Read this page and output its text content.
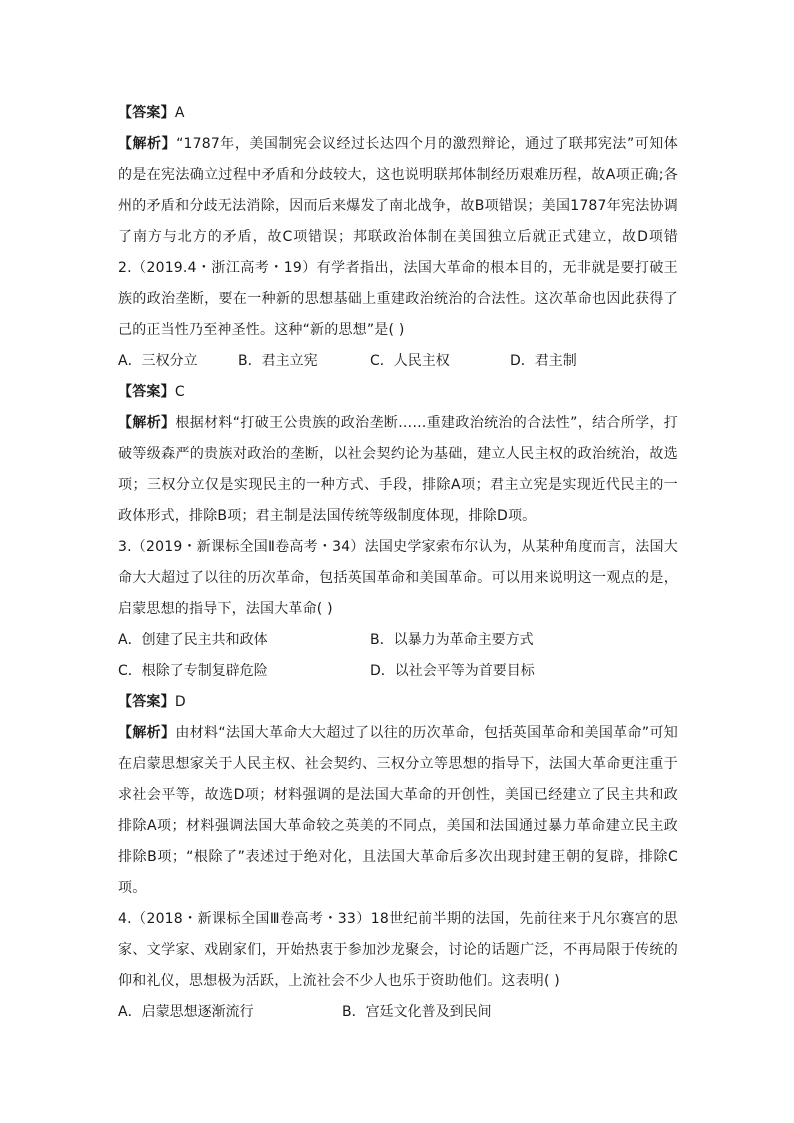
【答案】A
【解析】“1787年，美国制宪会议经过长达四个月的激烈辩论，通过了联邦宪法”可知体
的是在宪法确立过程中矛盾和分歧较大，这也说明联邦体制经历艰难历程，故A项正确;各
州的矛盾和分歧无法消除，因而后来爆发了南北战争，故B项错误；美国1787年宪法协调
了南方与北方的矛盾，故C项错误；邦联政治体制在美国独立后就正式建立，故D项错
2.（2019.4・浙江高考・19）有学者指出，法国大革命的根本目的，无非就是要打破王
族的政治垄断，要在一种新的思想基础上重建政治统治的合法性。这次革命也因此获得了
己的正当性乃至神圣性。这种“新的思想”是( )
A．三权分立	B．君主立宪	C．人民主权	D．君主制
【答案】C
【解析】根据材料“打破王公贵族的政治垄断……重建政治统治的合法性”，结合所学，打
破等级森严的贵族对政治的垄断，以社会契约论为基础，建立人民主权的政治统治，故选
项；三权分立仅是实现民主的一种方式、手段，排除A项；君主立宪是实现近代民主的一
政体形式，排除B项；君主制是法国传统等级制度体现，排除D项。
3.（2019・新课标全国Ⅱ卷高考・34）法国史学家索布尔认为，从某种角度而言，法国大
命大大超过了以往的历次革命，包括英国革命和美国革命。可以用来说明这一观点的是，
启蒙思想的指导下，法国大革命( )
A．创建了民主共和政体	B．以暴力为革命主要方式
C．根除了专制复辟危险	D．以社会平等为首要目标
【答案】D
【解析】由材料“法国大革命大大超过了以往的历次革命，包括英国革命和美国革命”可知
在启蒙思想家关于人民主权、社会契约、三权分立等思想的指导下，法国大革命更注重于
求社会平等，故选D项；材料强调的是法国大革命的开创性，美国已经建立了民主共和政
排除A项；材料强调法国大革命较之英美的不同点，美国和法国通过暴力革命建立民主政
排除B项；“根除了”表述过于绝对化，且法国大革命后多次出现封建王朝的复辟，排除C
项。
4.（2018・新课标全国Ⅲ卷高考・33）18世纪前半期的法国，先前往来于凡尔赛宫的思
家、文学家、戏剧家们，开始热衷于参加沙龙聚会，讨论的话题广泛，不再局限于传统的
仰和礼仪，思想极为活跃，上流社会不少人也乐于资助他们。这表明( )
A．启蒙思想逐渐流行	B．宫廷文化普及到民间
